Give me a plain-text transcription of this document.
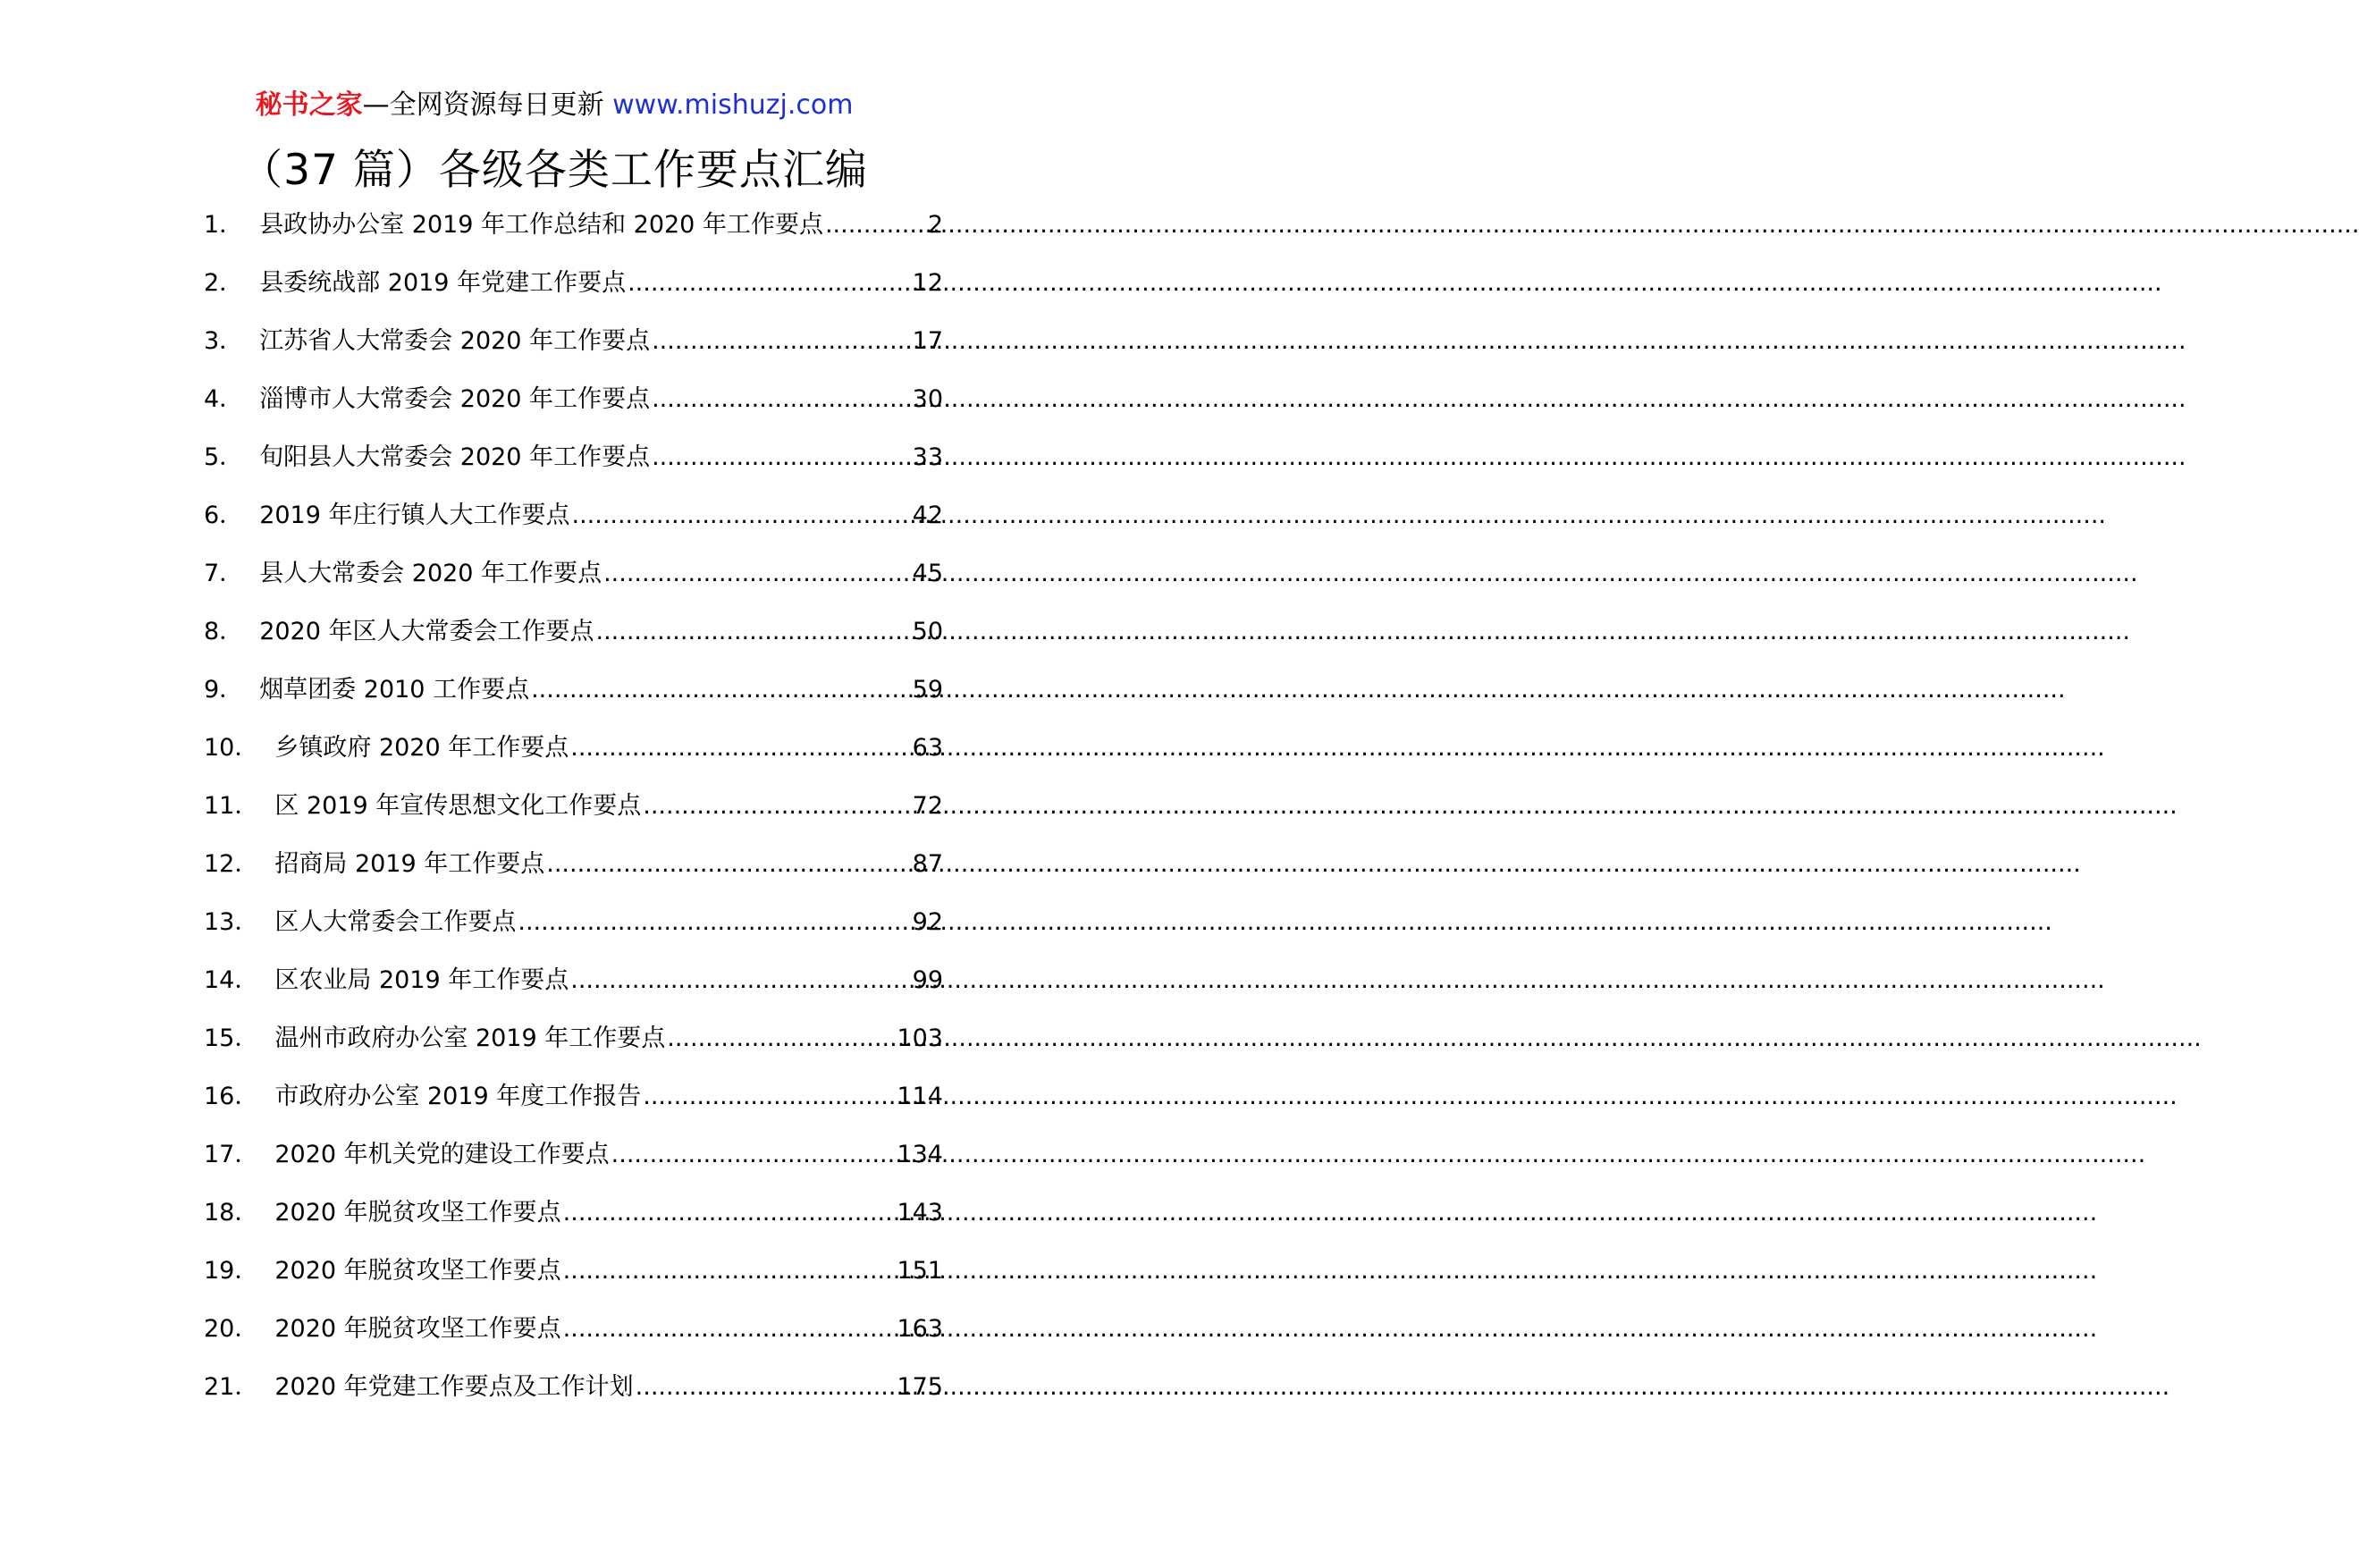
秘书之家—全网资源每日更新 www.mishuzj.com
（37 篇）各级各类工作要点汇编
1． 县政协办公室 2019 年工作总结和 2020 年工作要点 .....	2
2． 县委统战部 2019 年党建工作要点 .....	12
3． 江苏省人大常委会 2020 年工作要点 .....	17
4． 淄博市人大常委会 2020 年工作要点 .....	30
5． 旬阳县人大常委会 2020 年工作要点 .....	33
6． 2019 年庄行镇人大工作要点 .....	42
7． 县人大常委会 2020 年工作要点 .....	45
8． 2020 年区人大常委会工作要点 .....	50
9． 烟草团委 2010 工作要点 .....	59
10． 乡镇政府 2020 年工作要点 .....	63
11． 区 2019 年宣传思想文化工作要点 .....	72
12． 招商局 2019 年工作要点 .....	87
13． 区人大常委会工作要点 .....	92
14． 区农业局 2019 年工作要点 .....	99
15． 温州市政府办公室 2019 年工作要点 .....	103
16． 市政府办公室 2019 年度工作报告 .....	114
17． 2020 年机关党的建设工作要点 .....	134
18． 2020 年脱贫攻坚工作要点 .....	143
19． 2020 年脱贫攻坚工作要点 .....	151
20． 2020 年脱贫攻坚工作要点 .....	163
21． 2020 年党建工作要点及工作计划 .....	175
